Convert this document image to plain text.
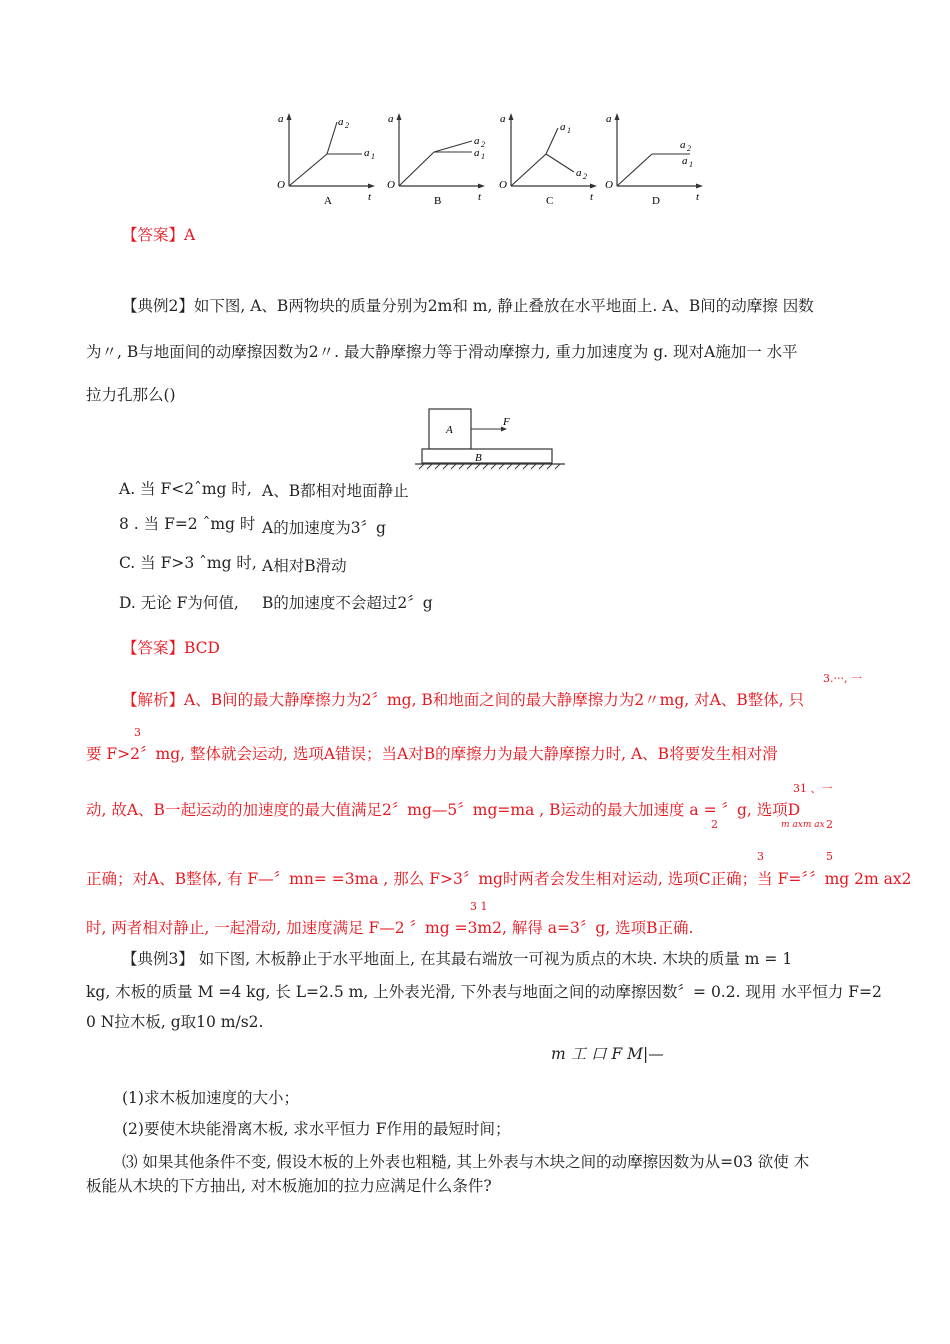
a
O
t
a 2
a 1
A
a
O
t
a 2
a 1
B
a
O
t
a 1
a 2
C
a
O
t
a 2
a 1
D
【答案】A
【典例2】如下图, A、B两物块的质量分别为2m和 m, 静止叠放在水平地面上. A、B间的动摩擦 因数
为〃, B与地面间的动摩擦因数为2〃. 最大静摩擦力等于滑动摩擦力, 重力加速度为 g. 现对A施加一 水平
拉力孔那么()
A
B
F
A. 当 F<2ˆmg 时, A、B都相对地面静止
8 . 当 F=2 ˆmg 时 A的加速度为3〞g
C. 当 F>3 ˆmg 时, A相对B滑动
D. 无论 F为何值, B的加速度不会超过2〞g
【答案】BCD
3.···, 一
【解析】A、B间的最大静摩擦力为2〞mg, B和地面之间的最大静摩擦力为2〃mg, 对A、B整体, 只
3
要 F>2〞mg, 整体就会运动, 选项A错误；当A对B的摩擦力为最大静摩擦力时, A、B将要发生相对滑
31 、一
动, 故A、B一起运动的加速度的最大值满足2〞mg—5〞mg=ma , B运动的最大加速度 a = 〞g, 选项D
2	m axm ax 2
3	5
正确；对A、B整体, 有 F—〞mn= =3ma , 那么 F>3〞mg时两者会发生相对运动, 选项C正确；当 F=〞〞mg 2m ax2
3 1
时, 两者相对静止, 一起滑动, 加速度满足 F—2 〞mg =3m2, 解得 a=3〞g, 选项B正确.
【典例3】 如下图, 木板静止于水平地面上, 在其最右端放一可视为质点的木块. 木块的质量 m = 1
kg, 木板的质量 M =4 kg, 长 L=2.5 m, 上外表光滑, 下外表与地面之间的动摩擦因数〞= 0.2. 现用 水平恒力 F=2
0 N拉木板, g取10 m/s2.
m 工 口 F M|—
(1)求木板加速度的大小；
(2)要使木块能滑离木板, 求水平恒力 F作用的最短时间；
⑶ 如果其他条件不变, 假设木板的上外表也粗糙, 其上外表与木块之间的动摩擦因数为从=03 欲使 木
板能从木块的下方抽出, 对木板施加的拉力应满足什么条件?
